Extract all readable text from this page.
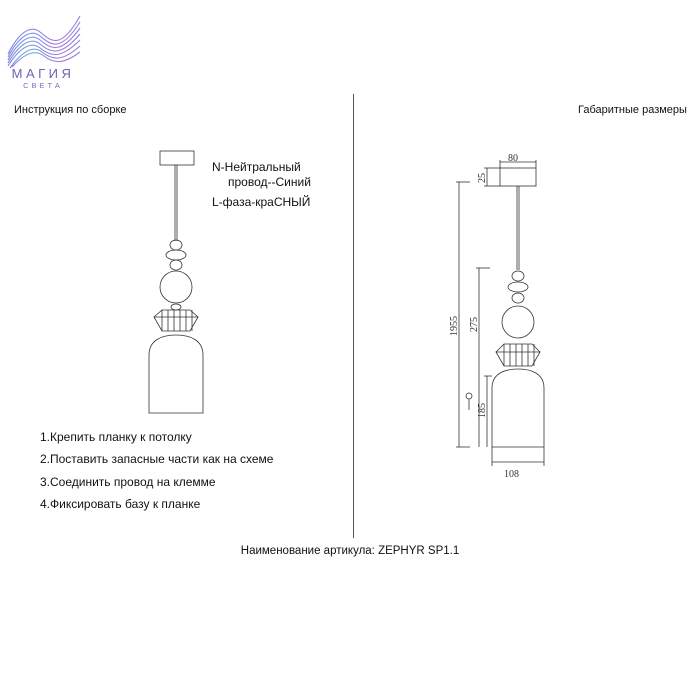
МАГИЯ
СВЕТА
Инструкция по сборке	Габаритные размеры
N-Нейтральный
провод--Синий
L-фаза-краСНЫЙ
1.Крепить планку к потолку
2.Поставить запасные части как на схеме
3.Соединить провод на клемме
4.Фиксировать базу к планке
80
25
1955 275
185
108
Наименование артикула: ZEPHYR SP1.1
